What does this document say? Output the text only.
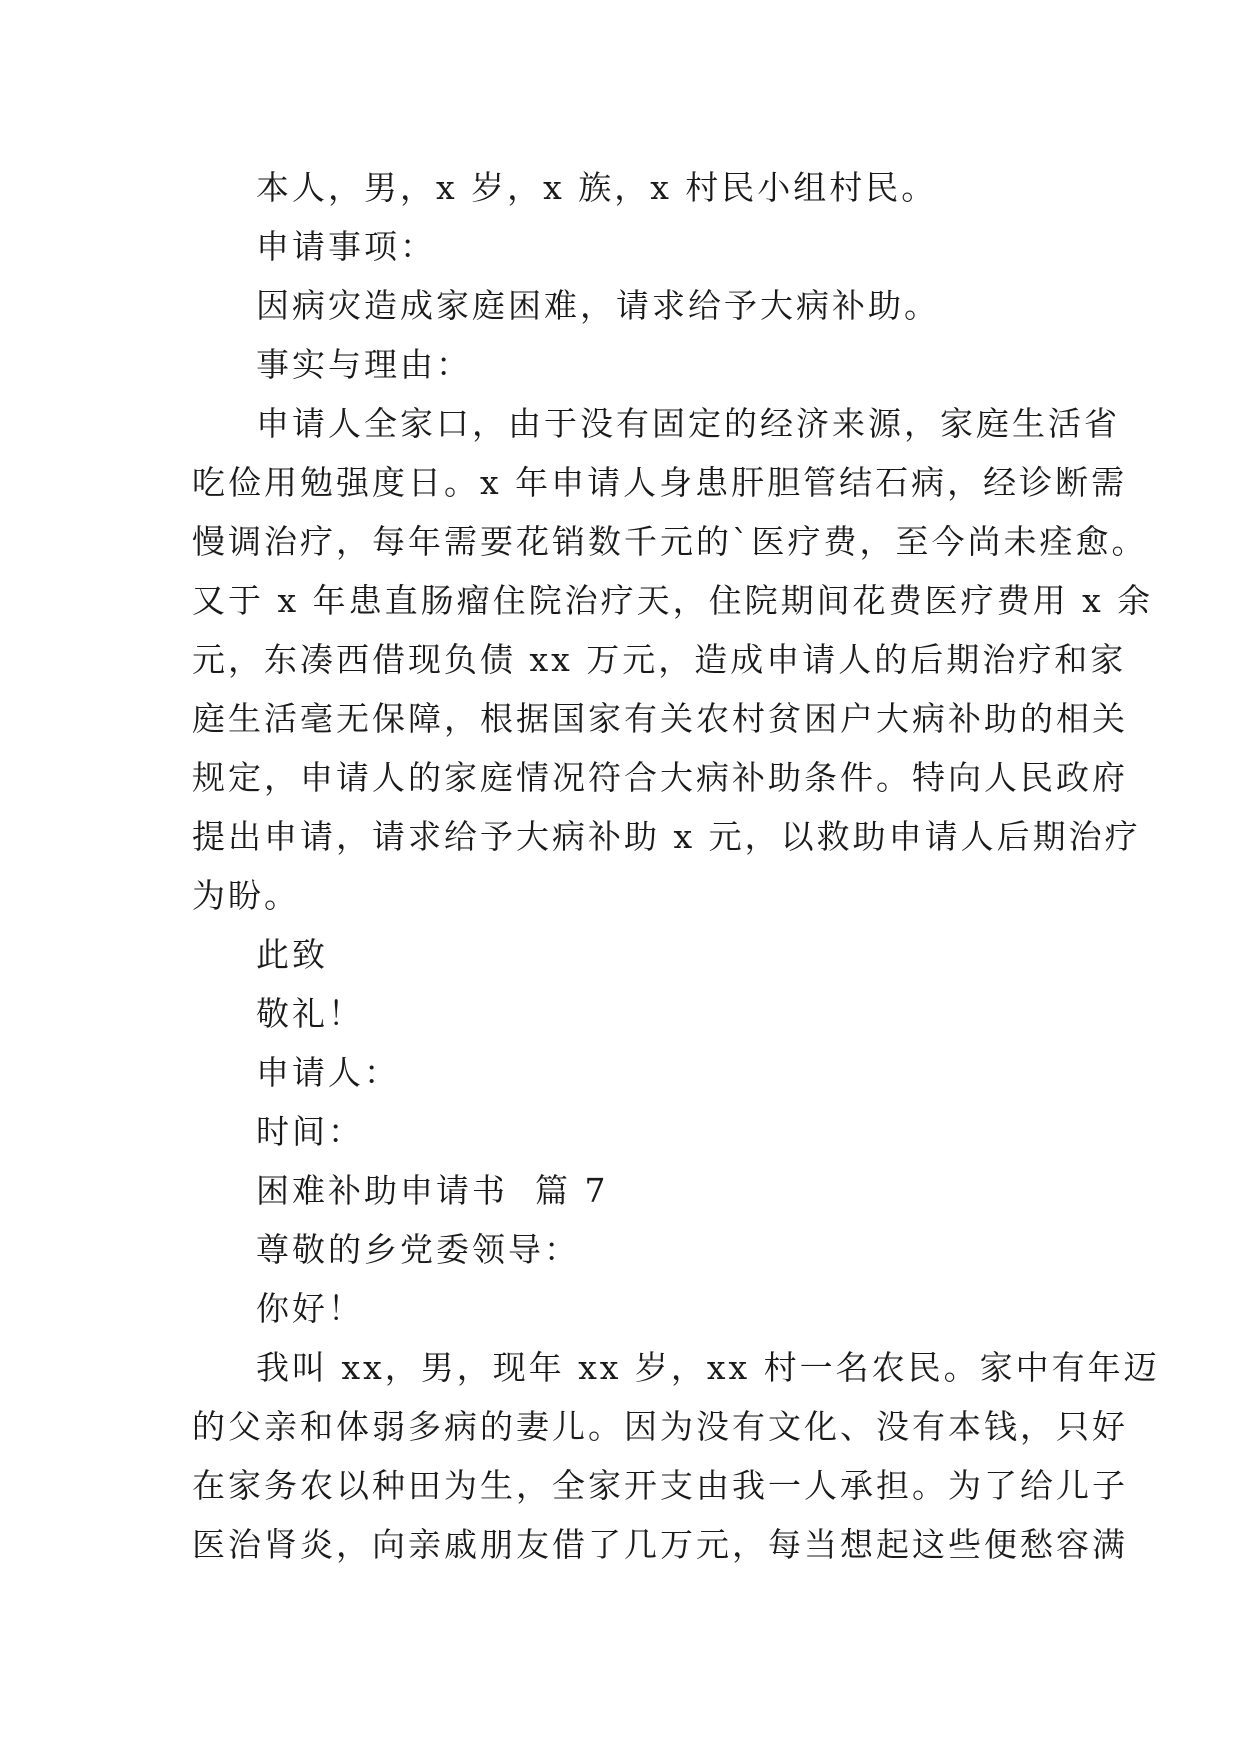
本人，男，x 岁，x 族，x 村民小组村民。

申请事项：

因病灾造成家庭困难，请求给予大病补助。

事实与理由：

申请人全家口，由于没有固定的经济来源，家庭生活省
吃俭用勉强度日。x 年申请人身患肝胆管结石病，经诊断需
慢调治疗，每年需要花销数千元的`医疗费，至今尚未痊愈。
又于 x 年患直肠瘤住院治疗天，住院期间花费医疗费用 x 余
元，东凑西借现负债 xx 万元，造成申请人的后期治疗和家
庭生活毫无保障，根据国家有关农村贫困户大病补助的相关
规定，申请人的家庭情况符合大病补助条件。特向人民政府
提出申请，请求给予大病补助 x 元，以救助申请人后期治疗
为盼。

此致

敬礼！

申请人：

时间：

困难补助申请书  篇 7

尊敬的乡党委领导：

你好！

我叫 xx，男，现年 xx 岁，xx 村一名农民。家中有年迈
的父亲和体弱多病的妻儿。因为没有文化、没有本钱，只好
在家务农以种田为生，全家开支由我一人承担。为了给儿子
医治肾炎，向亲戚朋友借了几万元，每当想起这些便愁容满
